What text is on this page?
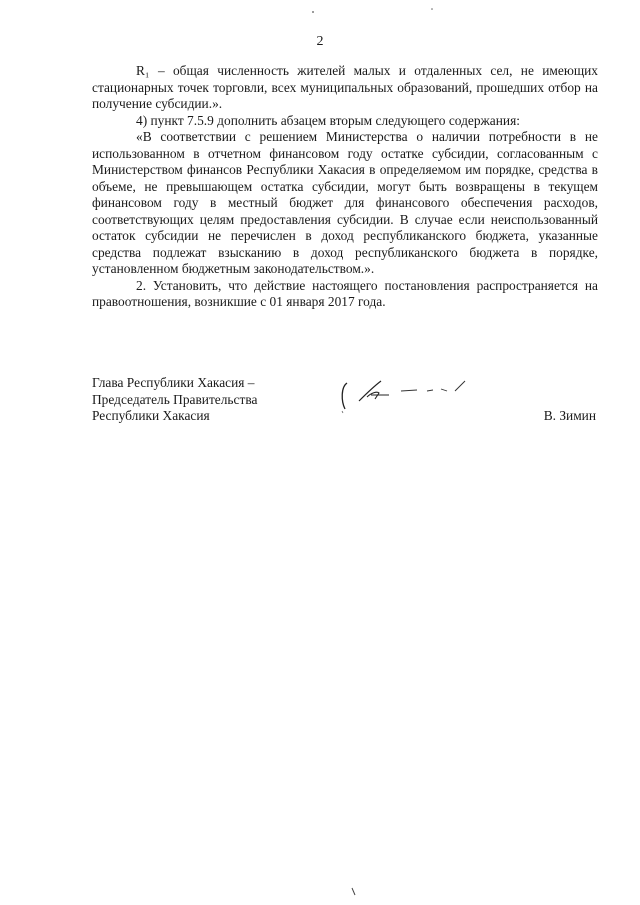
2

R₁ – общая численность жителей малых и отдаленных сел, не имеющих стационарных точек торговли, всех муниципальных образований, прошедших отбор на получение субсидии.».

4) пункт 7.5.9 дополнить абзацем вторым следующего содержания:

«В соответствии с решением Министерства о наличии потребности в не использованном в отчетном финансовом году остатке субсидии, согласованным с Министерством финансов Республики Хакасия в определяемом им порядке, средства в объеме, не превышающем остатка субсидии, могут быть возвращены в текущем финансовом году в местный бюджет для финансового обеспечения расходов, соответствующих целям предоставления субсидии. В случае если неиспользованный остаток субсидии не перечислен в доход республиканского бюджета, указанные средства подлежат взысканию в доход республиканского бюджета в порядке, установленном бюджетным законодательством.».

2. Установить, что действие настоящего постановления распространяется на правоотношения, возникшие с 01 января 2017 года.

Глава Республики Хакасия –
Председатель Правительства
Республики Хакасия	В. Зимин
